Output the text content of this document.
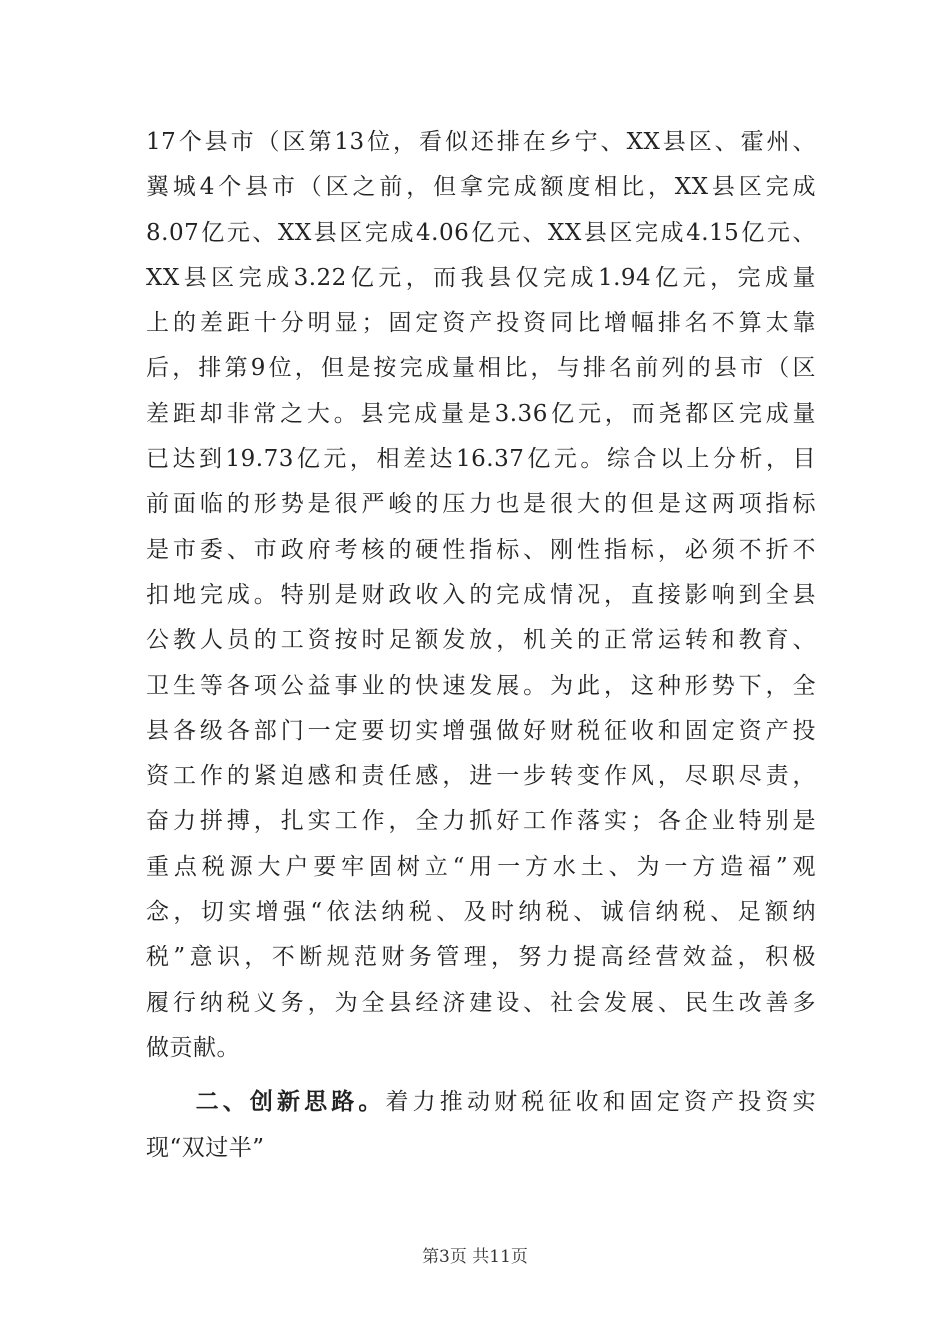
17个县市（区第13位，看似还排在乡宁、XX县区、霍州、
翼城4个县市（区之前，但拿完成额度相比，XX县区完成
8.07亿元、XX县区完成4.06亿元、XX县区完成4.15亿元、
XX县区完成3.22亿元，而我县仅完成1.94亿元，完成量
上的差距十分明显；固定资产投资同比增幅排名不算太靠
后，排第9位，但是按完成量相比，与排名前列的县市（区
差距却非常之大。县完成量是3.36亿元，而尧都区完成量
已达到19.73亿元，相差达16.37亿元。综合以上分析，目
前面临的形势是很严峻的压力也是很大的但是这两项指标
是市委、市政府考核的硬性指标、刚性指标，必须不折不
扣地完成。特别是财政收入的完成情况，直接影响到全县
公教人员的工资按时足额发放，机关的正常运转和教育、
卫生等各项公益事业的快速发展。为此，这种形势下，全
县各级各部门一定要切实增强做好财税征收和固定资产投
资工作的紧迫感和责任感，进一步转变作风，尽职尽责，
奋力拼搏，扎实工作，全力抓好工作落实；各企业特别是
重点税源大户要牢固树立“用一方水土、为一方造福”观
念，切实增强“依法纳税、及时纳税、诚信纳税、足额纳
税”意识，不断规范财务管理，努力提高经营效益，积极
履行纳税义务，为全县经济建设、社会发展、民生改善多
做贡献。
二、创新思路。着力推动财税征收和固定资产投资实
现“双过半”
第3页 共11页
